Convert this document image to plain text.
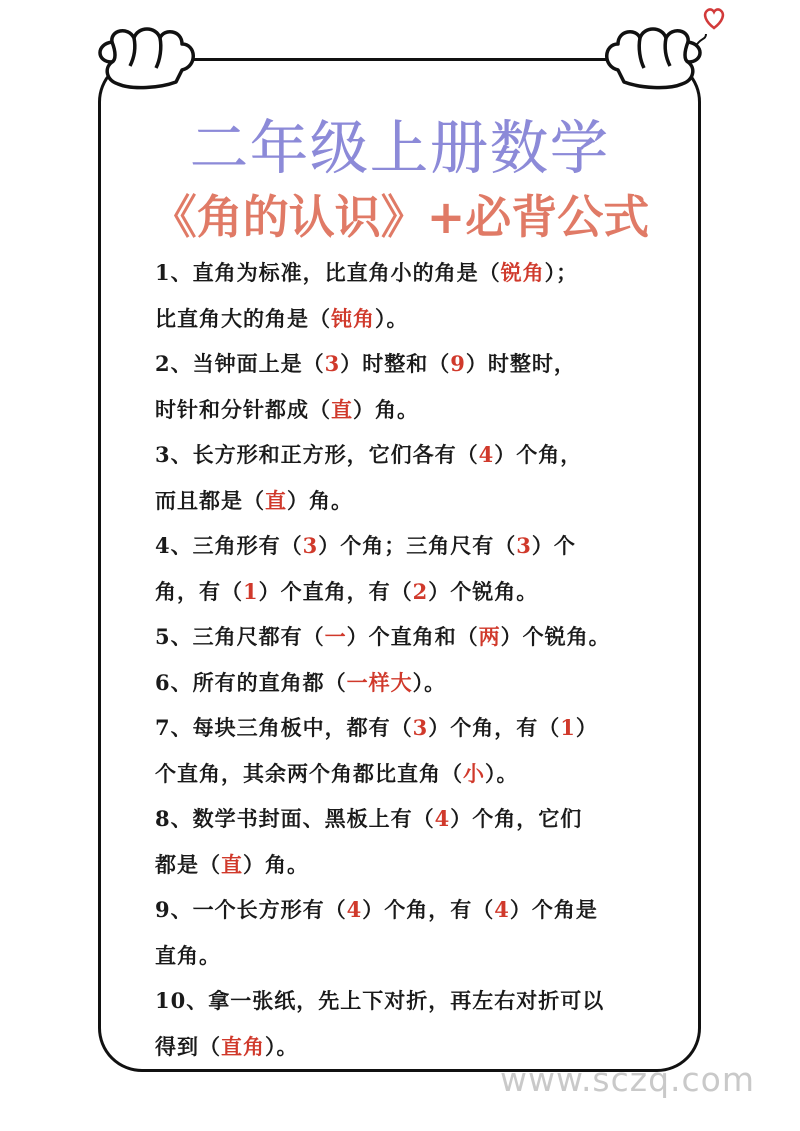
二年级上册数学
《角的认识》+必背公式
1、直角为标准，比直角小的角是（锐角）；
比直角大的角是（钝角）。
2、当钟面上是（3）时整和（9）时整时，
时针和分针都成（直）角。
3、长方形和正方形，它们各有（4）个角，
而且都是（直）角。
4、三角形有（3）个角；三角尺有（3）个
角，有（1）个直角，有（2）个锐角。
5、三角尺都有（一）个直角和（两）个锐角。
6、所有的直角都（一样大）。
7、每块三角板中，都有（3）个角，有（1）
个直角，其余两个角都比直角（小）。
8、数学书封面、黑板上有（4）个角，它们
都是（直）角。
9、一个长方形有（4）个角，有（4）个角是
直角。
10、拿一张纸，先上下对折，再左右对折可以
得到（直角）。
www.sczq.com
